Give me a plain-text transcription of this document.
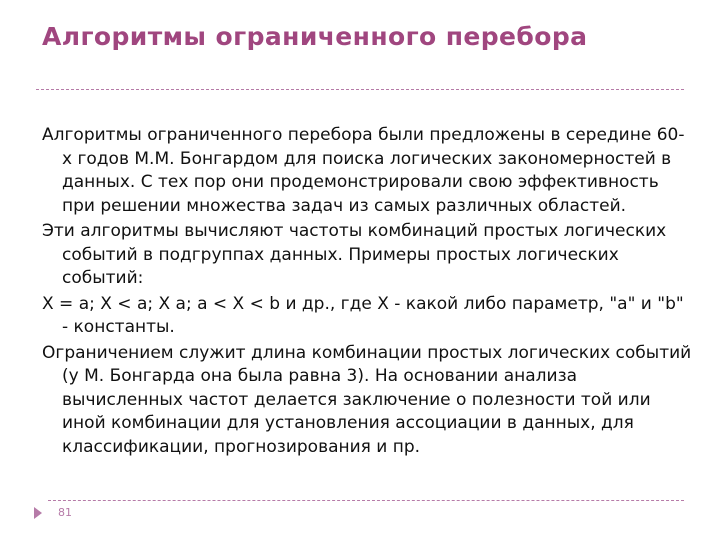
Алгоритмы ограниченного перебора

Алгоритмы ограниченного перебора были предложены в середине 60-х годов М.М. Бонгардом для поиска логических закономерностей в данных. С тех пор они продемонстрировали свою эффективность при решении множества задач из самых различных областей.

Эти алгоритмы вычисляют частоты комбинаций простых логических событий в подгруппах данных. Примеры простых логических событий:

X = a; X < a; X a; a < X < b и др., где X - какой либо параметр, "a" и "b" - константы.

Ограничением служит длина комбинации простых логических событий (у М. Бонгарда она была равна 3). На основании анализа вычисленных частот делается заключение о полезности той или иной комбинации для установления ассоциации в данных, для классификации, прогнозирования и пр.

81
